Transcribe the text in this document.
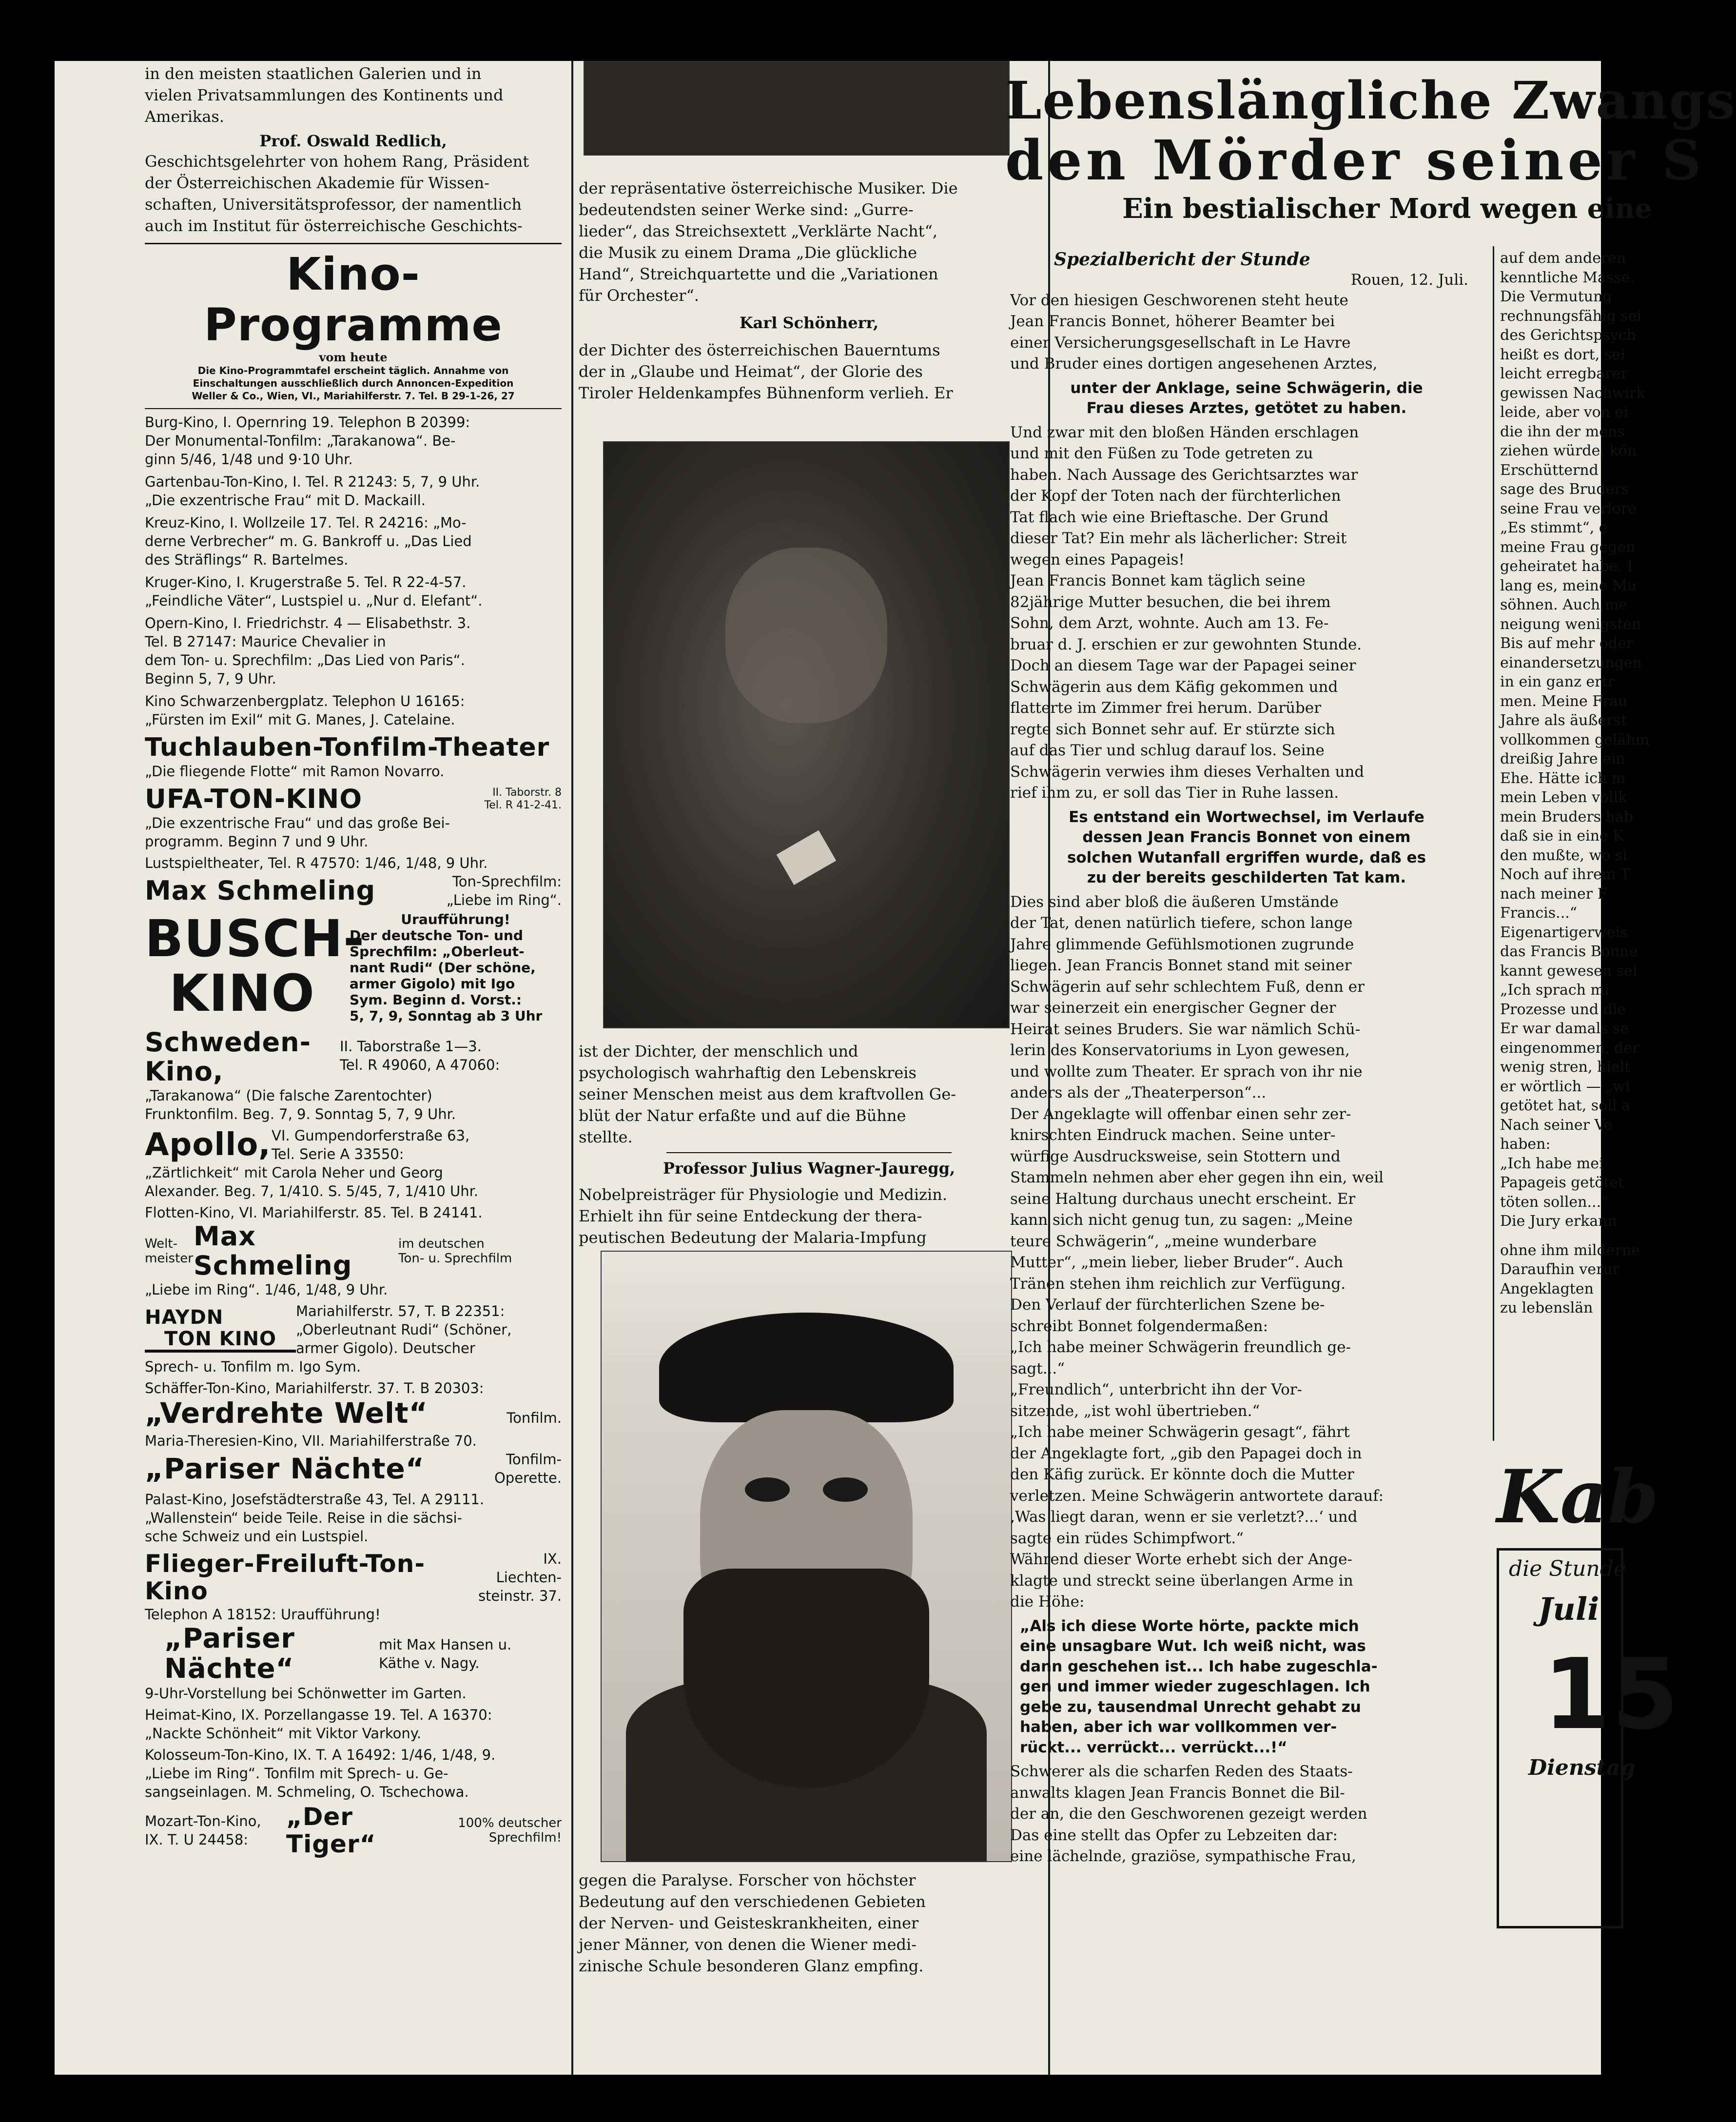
in den meisten staatlichen Galerien und in
vielen Privatsammlungen des Kontinents und
Amerikas.
Prof. Oswald Redlich,
Geschichtsgelehrter von hohem Rang, Präsident
der Österreichischen Akademie für Wissen-
schaften, Universitätsprofessor, der namentlich
auch im Institut für österreichische Geschichts-
Kino-Programme
vom heute
Die Kino-Programmtafel erscheint täglich. Annahme von
Einschaltungen ausschließlich durch Annoncen-Expedition
Weller & Co., Wien, VI., Mariahilferstr. 7. Tel. B 29-1-26, 27
Burg-Kino, I. Opernring 19. Telephon B 20399:
Der Monumental-Tonfilm: „Tarakanowa“. Be-
ginn 5/46, 1/48 und 9·10 Uhr.
Gartenbau-Ton-Kino, I. Tel. R 21243: 5, 7, 9 Uhr.
„Die exzentrische Frau“ mit D. Mackaill.
Kreuz-Kino, I. Wollzeile 17. Tel. R 24216: „Mo-
derne Verbrecher“ m. G. Bankroff u. „Das Lied
des Sträflings“ R. Bartelmes.
Kruger-Kino, I. Krugerstraße 5. Tel. R 22-4-57.
„Feindliche Väter“, Lustspiel u. „Nur d. Elefant“.
Opern-Kino, I. Friedrichstr. 4 — Elisabethstr. 3.
Tel. B 27147: Maurice Chevalier in
dem Ton- u. Sprechfilm: „Das Lied von Paris“.
Beginn 5, 7, 9 Uhr.
Kino Schwarzenbergplatz. Telephon U 16165:
„Fürsten im Exil“ mit G. Manes, J. Catelaine.
Tuchlauben-Tonfilm-Theater
„Die fliegende Flotte“ mit Ramon Novarro.
UFA-TON-KINO	II. Taborstr. 8
Tel. R 41-2-41.
„Die exzentrische Frau“ und das große Bei-
programm. Beginn 7 und 9 Uhr.
Lustspieltheater, Tel. R 47570: 1/46, 1/48, 9 Uhr.
Max Schmeling	Ton-Sprechfilm:
„Liebe im Ring“.
BUSCH-
KINO
Uraufführung!
Der deutsche Ton- und
Sprechfilm: „Oberleut-
nant Rudi“ (Der schöne,
armer Gigolo) mit Igo
Sym. Beginn d. Vorst.:
5, 7, 9, Sonntag ab 3 Uhr
Schweden-Kino,
II. Taborstraße 1—3.
Tel. R 49060, A 47060:
„Tarakanowa“ (Die falsche Zarentochter)
Frunktonfilm. Beg. 7, 9. Sonntag 5, 7, 9 Uhr.
Apollo, VI. Gumpendorferstraße 63,
Tel. Serie A 33550:
„Zärtlichkeit“ mit Carola Neher und Georg
Alexander. Beg. 7, 1/410. S. 5/45, 7, 1/410 Uhr.
Flotten-Kino, VI. Mariahilferstr. 85. Tel. B 24141.
Welt-
meister
Max Schmeling
im deutschen
Ton- u. Sprechfilm
„Liebe im Ring“. 1/46, 1/48, 9 Uhr.
HAYDN
TON KINO
Mariahilferstr. 57, T. B 22351:
„Oberleutnant Rudi“ (Schöner,
armer Gigolo). Deutscher
Sprech- u. Tonfilm m. Igo Sym.
Schäffer-Ton-Kino, Mariahilferstr. 37. T. B 20303:
„Verdrehte Welt“	Tonfilm.
Maria-Theresien-Kino, VII. Mariahilferstraße 70.
„Pariser Nächte“	Tonfilm-
Operette.
Palast-Kino, Josefstädterstraße 43, Tel. A 29111.
„Wallenstein“ beide Teile. Reise in die sächsi-
sche Schweiz und ein Lustspiel.
Flieger-Freiluft-Ton-Kino
IX. Liechten-
steinstr. 37.
Telephon A 18152: Uraufführung!
„Pariser Nächte“
mit Max Hansen u.
Käthe v. Nagy.
9-Uhr-Vorstellung bei Schönwetter im Garten.
Heimat-Kino, IX. Porzellangasse 19. Tel. A 16370:
„Nackte Schönheit“ mit Viktor Varkony.
Kolosseum-Ton-Kino, IX. T. A 16492: 1/46, 1/48, 9.
„Liebe im Ring“. Tonfilm mit Sprech- u. Ge-
sangseinlagen. M. Schmeling, O. Tschechowa.
Mozart-Ton-Kino,
IX. T. U 24458:
„Der Tiger“
100% deutscher
Sprechfilm!
der repräsentative österreichische Musiker. Die
bedeutendsten seiner Werke sind: „Gurre-
lieder“, das Streichsextett „Verklärte Nacht“,
die Musik zu einem Drama „Die glückliche
Hand“, Streichquartette und die „Variationen
für Orchester“.
Karl Schönherr,
der Dichter des österreichischen Bauerntums
der in „Glaube und Heimat“, der Glorie des
Tiroler Heldenkampfes Bühnenform verlieh. Er
ist der Dichter, der menschlich und
psychologisch wahrhaftig den Lebenskreis
seiner Menschen meist aus dem kraftvollen Ge-
blüt der Natur erfaßte und auf die Bühne
stellte.
Professor Julius Wagner-Jauregg,
Nobelpreisträger für Physiologie und Medizin.
Erhielt ihn für seine Entdeckung der thera-
peutischen Bedeutung der Malaria-Impfung
gegen die Paralyse. Forscher von höchster
Bedeutung auf den verschiedenen Gebieten
der Nerven- und Geisteskrankheiten, einer
jener Männer, von denen die Wiener medi-
zinische Schule besonderen Glanz empfing.
Lebenslängliche Zwangs
den Mörder seiner S
Ein bestialischer Mord wegen eine
Spezialbericht der Stunde
Rouen, 12. Juli.
Vor den hiesigen Geschworenen steht heute
Jean Francis Bonnet, höherer Beamter bei
einer Versicherungsgesellschaft in Le Havre
und Bruder eines dortigen angesehenen Arztes,
unter der Anklage, seine Schwägerin, die
Frau dieses Arztes, getötet zu haben.
Und zwar mit den bloßen Händen erschlagen
und mit den Füßen zu Tode getreten zu
haben. Nach Aussage des Gerichtsarztes war
der Kopf der Toten nach der fürchterlichen
Tat flach wie eine Brieftasche. Der Grund
dieser Tat? Ein mehr als lächerlicher: Streit
wegen eines Papageis!
Jean Francis Bonnet kam täglich seine
82jährige Mutter besuchen, die bei ihrem
Sohn, dem Arzt, wohnte. Auch am 13. Fe-
bruar d. J. erschien er zur gewohnten Stunde.
Doch an diesem Tage war der Papagei seiner
Schwägerin aus dem Käfig gekommen und
flatterte im Zimmer frei herum. Darüber
regte sich Bonnet sehr auf. Er stürzte sich
auf das Tier und schlug darauf los. Seine
Schwägerin verwies ihm dieses Verhalten und
rief ihm zu, er soll das Tier in Ruhe lassen.
Es entstand ein Wortwechsel, im Verlaufe
dessen Jean Francis Bonnet von einem
solchen Wutanfall ergriffen wurde, daß es
zu der bereits geschilderten Tat kam.
Dies sind aber bloß die äußeren Umstände
der Tat, denen natürlich tiefere, schon lange
Jahre glimmende Gefühlsmotionen zugrunde
liegen. Jean Francis Bonnet stand mit seiner
Schwägerin auf sehr schlechtem Fuß, denn er
war seinerzeit ein energischer Gegner der
Heirat seines Bruders. Sie war nämlich Schü-
lerin des Konservatoriums in Lyon gewesen,
und wollte zum Theater. Er sprach von ihr nie
anders als der „Theaterperson“...
Der Angeklagte will offenbar einen sehr zer-
knirschten Eindruck machen. Seine unter-
würfige Ausdrucksweise, sein Stottern und
Stammeln nehmen aber eher gegen ihn ein, weil
seine Haltung durchaus unecht erscheint. Er
kann sich nicht genug tun, zu sagen: „Meine
teure Schwägerin“, „meine wunderbare
Mutter“, „mein lieber, lieber Bruder“. Auch
Tränen stehen ihm reichlich zur Verfügung.
Den Verlauf der fürchterlichen Szene be-
schreibt Bonnet folgendermaßen:
„Ich habe meiner Schwägerin freundlich ge-
sagt...“
„Freundlich“, unterbricht ihn der Vor-
sitzende, „ist wohl übertrieben.“
„Ich habe meiner Schwägerin gesagt“, fährt
der Angeklagte fort, „gib den Papagei doch in
den Käfig zurück. Er könnte doch die Mutter
verletzen. Meine Schwägerin antwortete darauf:
‚Was liegt daran, wenn er sie verletzt?...‘ und
sagte ein rüdes Schimpfwort.“
Während dieser Worte erhebt sich der Ange-
klagte und streckt seine überlangen Arme in
die Höhe:
„Als ich diese Worte hörte, packte mich
eine unsagbare Wut. Ich weiß nicht, was
dann geschehen ist... Ich habe zugeschla-
gen und immer wieder zugeschlagen. Ich
gebe zu, tausendmal Unrecht gehabt zu
haben, aber ich war vollkommen ver-
rückt... verrückt... verrückt...!“
Schwerer als die scharfen Reden des Staats-
anwalts klagen Jean Francis Bonnet die Bil-
der an, die den Geschworenen gezeigt werden
Das eine stellt das Opfer zu Lebzeiten dar:
eine lächelnde, graziöse, sympathische Frau,
auf dem anderen
kenntliche Masse.
Die Vermutung
rechnungsfähig sei
des Gerichtspsych
heißt es dort, sei
leicht erregbarer
gewissen Nachwirk
leide, aber von ei
die ihn der mens
ziehen würde, kön
Erschütternd
sage des Bruders
seine Frau verlore
„Es stimmt“, e
meine Frau gegen
geheiratet habe. I
lang es, meine Mu
söhnen. Auch me
neigung wenigsten
Bis auf mehr oder
einandersetzungen
in ein ganz ertr
men. Meine Frau
Jahre als äußerst
vollkommen gelähm
dreißig Jahre ein
Ehe. Hätte ich m
mein Leben vollk
mein Bruders hab
daß sie in eine K
den mußte, wo si
Noch auf ihrem T
nach meiner F
Francis...“
Eigenartigerweis
das Francis Bonne
kannt gewesen sei
„Ich sprach mi
Prozesse und die
Er war damals se
eingenommen, der
wenig stren, hielt
er wörtlich — „wi
getötet hat, soll a
Nach seiner Ve
haben:
„Ich habe mei
Papageis getötet
töten sollen...“
Die Jury erkann
ohne ihm milderne
Daraufhin verur
Angeklagten
zu lebenslän
Kab
die Stunde
Juli
15
Dienstag
